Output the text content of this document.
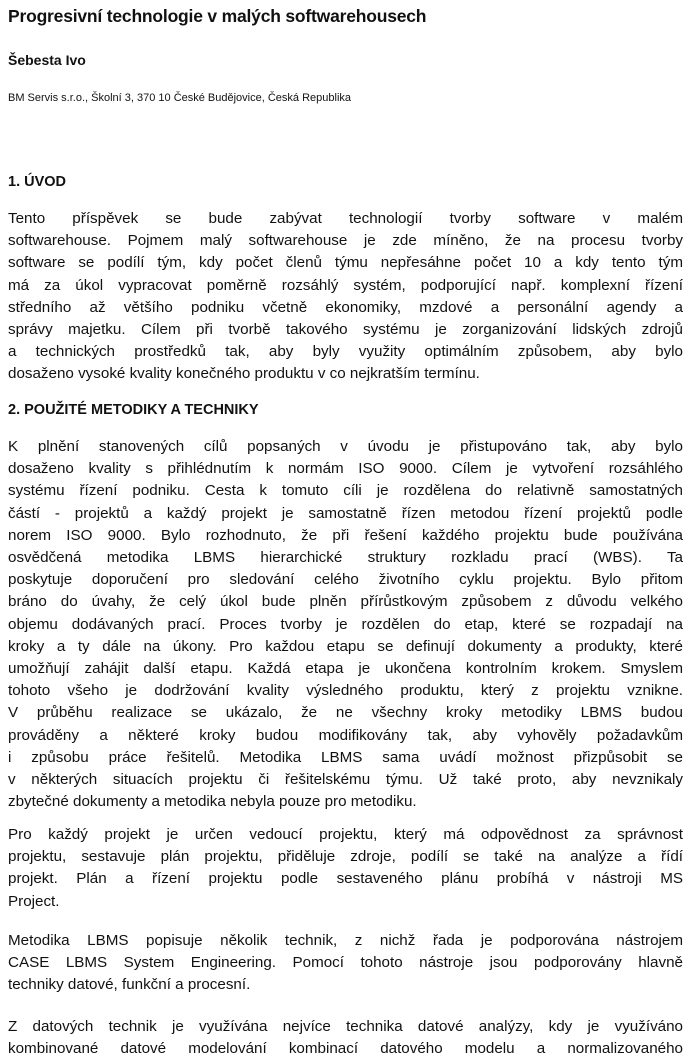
Progresivní technologie v malých softwarehousech

Šebesta Ivo

BM Servis s.r.o., Školní 3, 370 10 České Budějovice, Česká Republika

1. ÚVOD

Tento příspěvek se bude zabývat technologií tvorby software v malém
softwarehouse. Pojmem malý softwarehouse je zde míněno, že na procesu tvorby
software se podílí tým, kdy počet členů týmu nepřesáhne počet 10 a kdy tento tým
má za úkol vypracovat poměrně rozsáhlý systém, podporující např. komplexní řízení
středního až většího podniku včetně ekonomiky, mzdové a personální agendy a
správy majetku. Cílem při tvorbě takového systému je zorganizování lidských zdrojů
a technických prostředků tak, aby byly využity optimálním způsobem, aby bylo
dosaženo vysoké kvality konečného produktu v co nejkratším termínu.

2. POUŽITÉ METODIKY A TECHNIKY

K plnění stanovených cílů popsaných v úvodu je přistupováno tak, aby bylo
dosaženo kvality s přihlédnutím k normám ISO 9000. Cílem je vytvoření rozsáhlého
systému řízení podniku. Cesta k tomuto cíli je rozdělena do relativně samostatných
částí - projektů a každý projekt je samostatně řízen metodou řízení projektů podle
norem ISO 9000. Bylo rozhodnuto, že při řešení každého projektu bude používána
osvědčená metodika LBMS hierarchické struktury rozkladu prací (WBS). Ta
poskytuje doporučení pro sledování celého životního cyklu projektu. Bylo přitom
bráno do úvahy, že celý úkol bude plněn přírůstkovým způsobem z důvodu velkého
objemu dodávaných prací. Proces tvorby je rozdělen do etap, které se rozpadají na
kroky a ty dále na úkony. Pro každou etapu se definují dokumenty a produkty, které
umožňují zahájit další etapu. Každá etapa je ukončena kontrolním krokem. Smyslem
tohoto všeho je dodržování kvality výsledného produktu, který z projektu vznikne.
V průběhu realizace se ukázalo, že ne všechny kroky metodiky LBMS budou
prováděny a některé kroky budou modifikovány tak, aby vyhověly požadavkům
i způsobu práce řešitelů. Metodika LBMS sama uvádí možnost přizpůsobit se
v některých situacích projektu či řešitelskému týmu. Už také proto, aby nevznikaly
zbytečné dokumenty a metodika nebyla pouze pro metodiku.

Pro každý projekt je určen vedoucí projektu, který má odpovědnost za správnost
projektu, sestavuje plán projektu, přiděluje zdroje, podílí se také na analýze a řídí
projekt. Plán a řízení projektu podle sestaveného plánu probíhá v nástroji MS
Project.

Metodika LBMS popisuje několik technik, z nichž řada je podporována nástrojem
CASE LBMS System Engineering. Pomocí tohoto nástroje jsou podporovány hlavně
techniky datové, funkční a procesní.

Z datových technik je využívána nejvíce technika datové analýzy, kdy je využíváno
kombinované datové modelování kombinací datového modelu a normalizovaného
